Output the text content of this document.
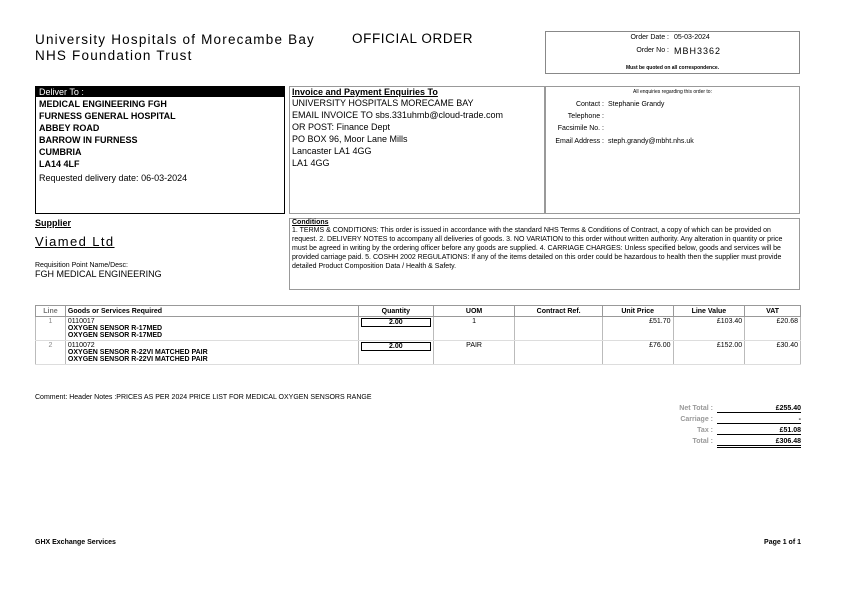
University Hospitals of Morecambe Bay NHS Foundation Trust
OFFICIAL ORDER	Order Date : 05-03-2024
Order No : MBH3362
Must be quoted on all correspondence.
Deliver To :
MEDICAL ENGINEERING FGH
FURNESS GENERAL HOSPITAL
ABBEY ROAD
BARROW IN FURNESS
CUMBRIA
LA14 4LF
Requested delivery date: 06-03-2024
Invoice and Payment Enquiries To
UNIVERSITY HOSPITALS MORECAME BAY
EMAIL INVOICE TO sbs.331uhmb@cloud-trade.com
OR POST: Finance Dept
PO BOX 96, Moor Lane Mills
Lancaster LA1 4GG
LA1 4GG
All enquiries regarding this order to:
Contact : Stephanie Grandy
Telephone :
Facsimile No. :
Email Address : steph.grandy@mbht.nhs.uk
Supplier
Viamed Ltd
Requisition Point Name/Desc:
FGH MEDICAL ENGINEERING
Conditions
1. TERMS & CONDITIONS: This order is issued in accordance with the standard NHS Terms & Conditions of Contract, a copy of which can be provided on request. 2. DELIVERY NOTES to accompany all deliveries of goods. 3. NO VARIATION to this order without written authority. Any alteration in quantity or price must be agreed in writing by the ordering officer before any goods are supplied. 4. CARRIAGE CHARGES: Unless specified below, goods and services will be provided carriage paid. 5. COSHH 2002 REGULATIONS: If any of the items detailed on this order could be hazardous to health then the supplier must provide detailed Product Composition Data / Health & Safety.
Line	Goods or Services Required	Quantity	UOM	Contract Ref.	Unit Price	Line Value	VAT
1	0110017
OXYGEN SENSOR R-17MED
OXYGEN SENSOR R-17MED	2.00	1		£51.70	£103.40	£20.68
2	0110072
OXYGEN SENSOR R-22VI MATCHED PAIR
OXYGEN SENSOR R-22VI MATCHED PAIR	2.00	PAIR		£76.00	£152.00	£30.40
Comment: Header Notes :PRICES AS PER 2024 PRICE LIST FOR MEDICAL OXYGEN SENSORS RANGE
Net Total :	£255.40
Carriage :	-
Tax :	£51.08
Total :	£306.48
GHX Exchange Services	Page 1 of 1
